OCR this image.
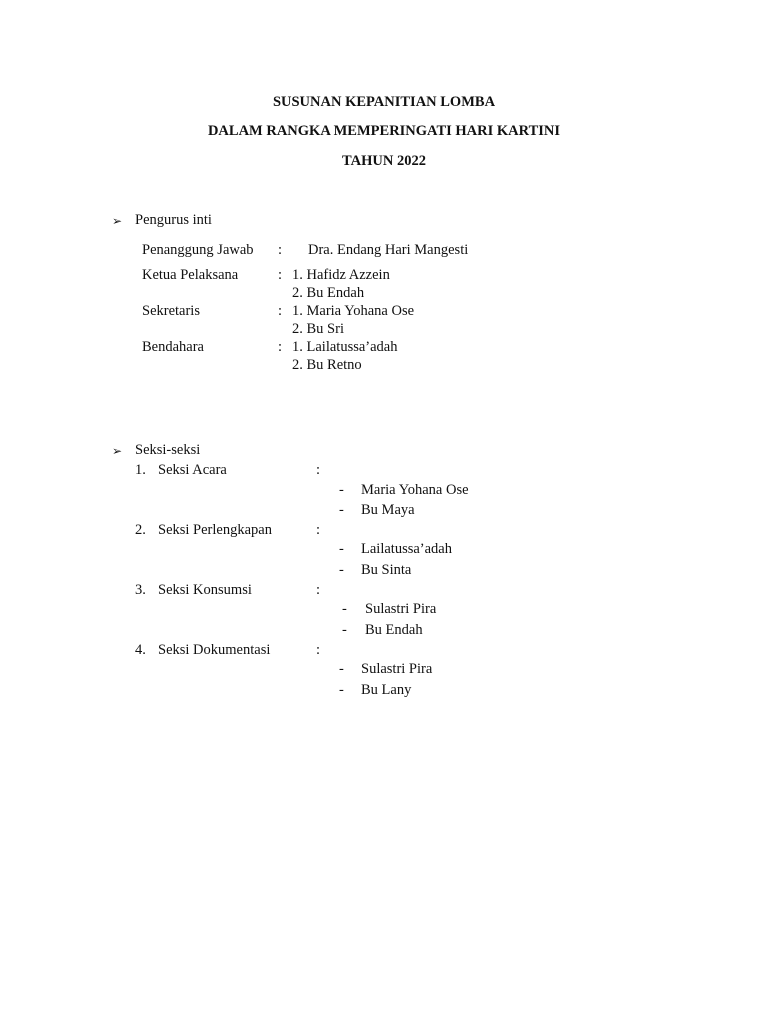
SUSUNAN KEPANITIAN LOMBA
DALAM RANGKA MEMPERINGATI HARI KARTINI
TAHUN 2022
➢ Pengurus inti
Penanggung Jawab : Dra. Endang Hari Mangesti
Ketua Pelaksana	: 1. Hafidz Azzein
2. Bu Endah
Sekretaris	: 1. Maria Yohana Ose
2. Bu Sri
Bendahara	: 1. Lailatussa’adah
2. Bu Retno
➢ Seksi-seksi
1. Seksi Acara	:
- Maria Yohana Ose
- Bu Maya
2. Seksi Perlengkapan	:
- Lailatussa’adah
- Bu Sinta
3. Seksi Konsumsi	:
- Sulastri Pira
- Bu Endah
4. Seksi Dokumentasi	:
- Sulastri Pira
- Bu Lany
